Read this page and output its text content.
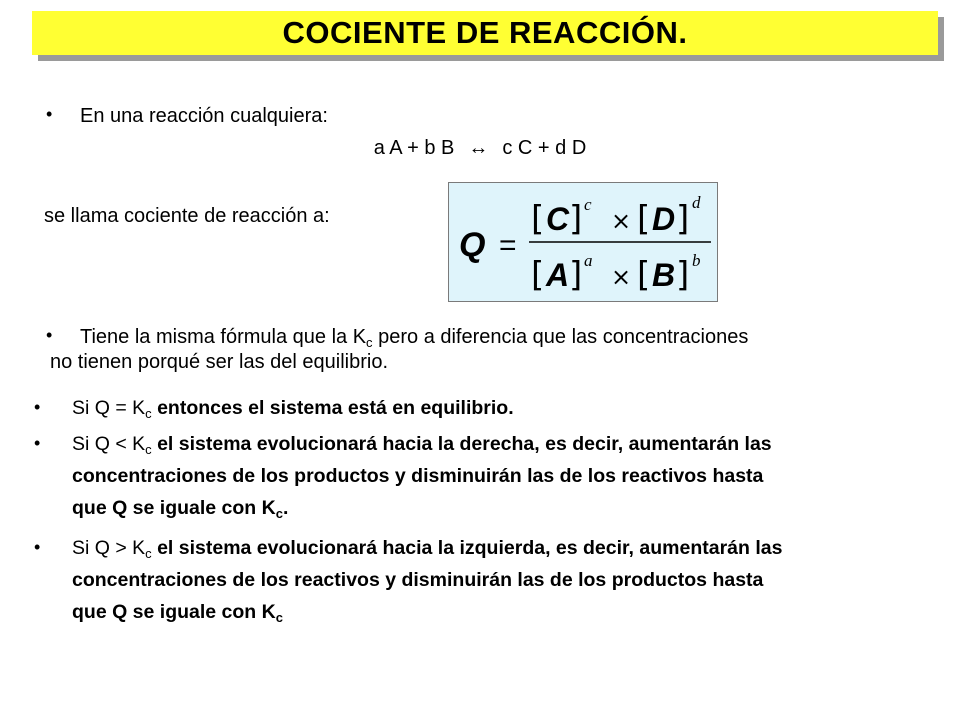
COCIENTE DE REACCIÓN.
• En una reacción cualquiera:
a A + b B ↔ c C + d D
se llama cociente de reacción a:
Q =
[ C ] c
× [ D ] d
[ A ] a
× [ B ] b
• Tiene la misma fórmula que la $K_c$ pero a diferencia que las concentraciones
no tienen porqué ser las del equilibrio.
• Si $Q = K_c$ entonces el sistema está en equilibrio.
• Si $Q < K_c$ el sistema evolucionará hacia la derecha, es decir, aumentarán las
concentraciones de los productos y disminuirán las de los reactivos hasta
que Q se iguale con $K_c$.
• Si $Q > K_c$ el sistema evolucionará hacia la izquierda, es decir, aumentarán las
concentraciones de los reactivos y disminuirán las de los productos hasta
que Q se iguale con $K_c$
